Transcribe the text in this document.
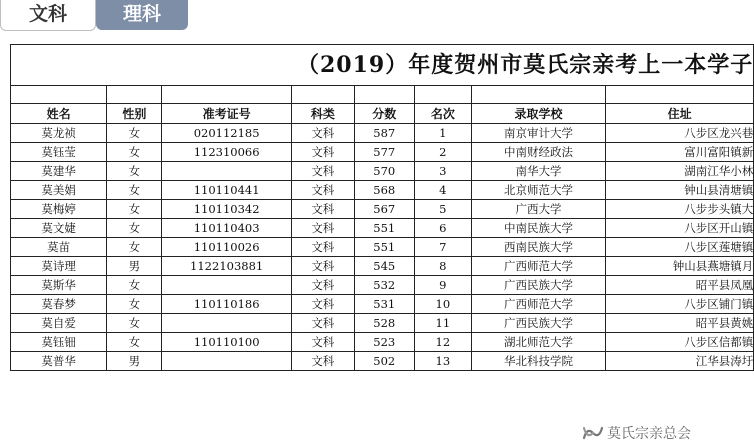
文科	理科
（2019）年度贺州市莫氏宗亲考上一本学子							

姓名	性别	准考证号	科类	分数	名次	录取学校	住址
莫龙祯	女	020112185	文科	587	1	南京审计大学	八步区龙兴巷
莫钰莹	女	112310066	文科	577	2	中南财经政法	富川富阳镇新
莫建华	女		文科	570	3	南华大学	湖南江华小林
莫美娟	女	110110441	文科	568	4	北京师范大学	钟山县清塘镇
莫梅婷	女	110110342	文科	567	5	广西大学	八步步头镇大
莫文婕	女	110110403	文科	551	6	中南民族大学	八步区开山镇
莫苗	女	110110026	文科	551	7	西南民族大学	八步区莲塘镇
莫诗理	男	1122103881	文科	545	8	广西师范大学	钟山县燕塘镇月
莫斯华	女		文科	532	9	广西民族大学	昭平县凤凰
莫春梦	女	110110186	文科	531	10	广西师范大学	八步区铺门镇
莫自爱	女		文科	528	11	广西民族大学	昭平县黄姚
莫钰钿	女	110110100	文科	523	12	湖北师范大学	八步区信都镇
莫普华	男		文科	502	13	华北科技学院	江华县涛圩
莫氏宗亲总会
